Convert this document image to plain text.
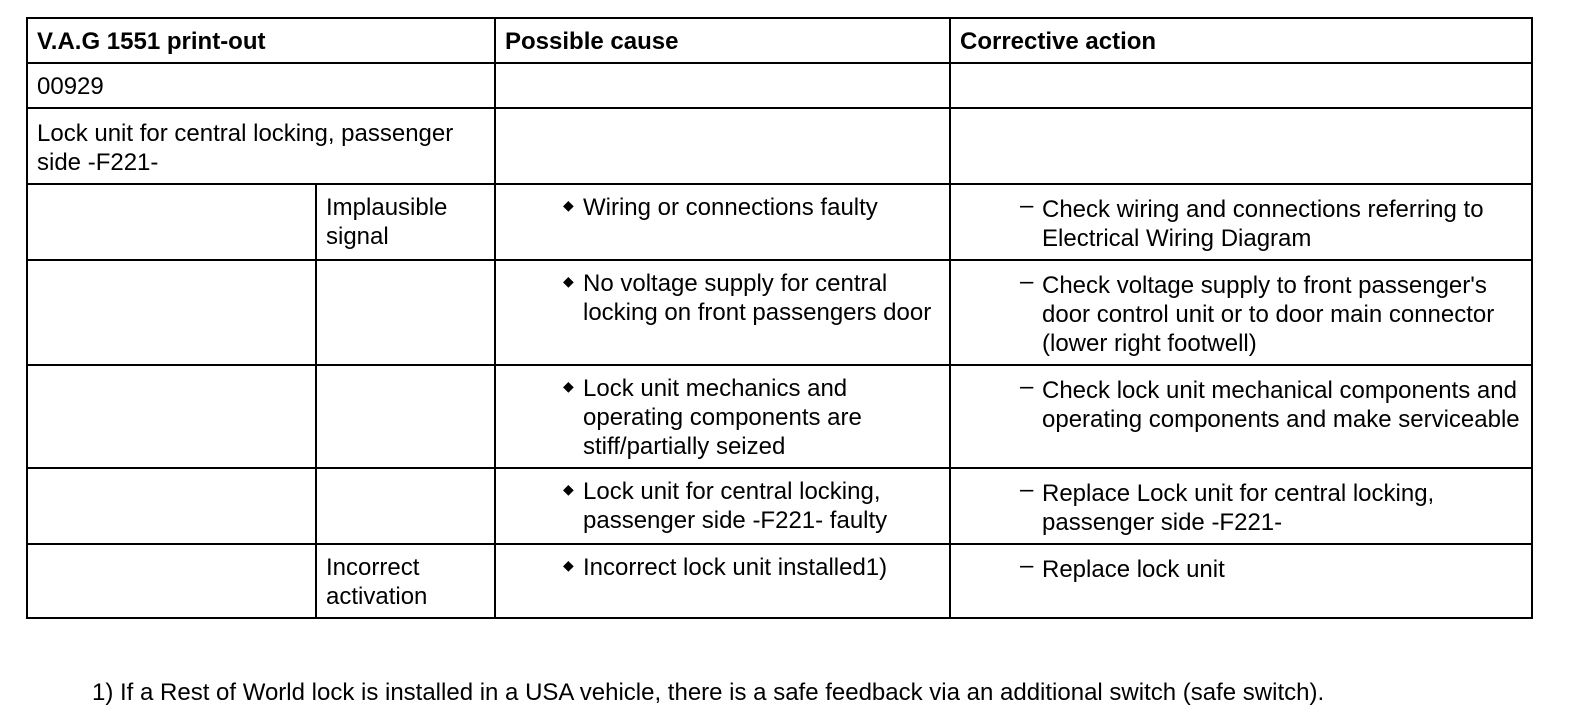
V.A.G 1551 print-out		Possible cause	Corrective action
00929			
Lock unit for central locking, passenger side -F221-			
	Implausible signal	◆ Wiring or connections faulty	– Check wiring and connections referring to Electrical Wiring Diagram

		◆ No voltage supply for central locking on front passengers door	– Check voltage supply to front passenger's door control unit or to door main connector (lower right footwell)

		◆ Lock unit mechanics and operating components are stiff/partially seized	– Check lock unit mechanical components and operating components and make serviceable

		◆ Lock unit for central locking, passenger side -F221- faulty	– Replace Lock unit for central locking, passenger side -F221-

	Incorrect activation	◆ Incorrect lock unit installed1)	– Replace lock unit
1) If a Rest of World lock is installed in a USA vehicle, there is a safe feedback via an additional switch (safe switch).
